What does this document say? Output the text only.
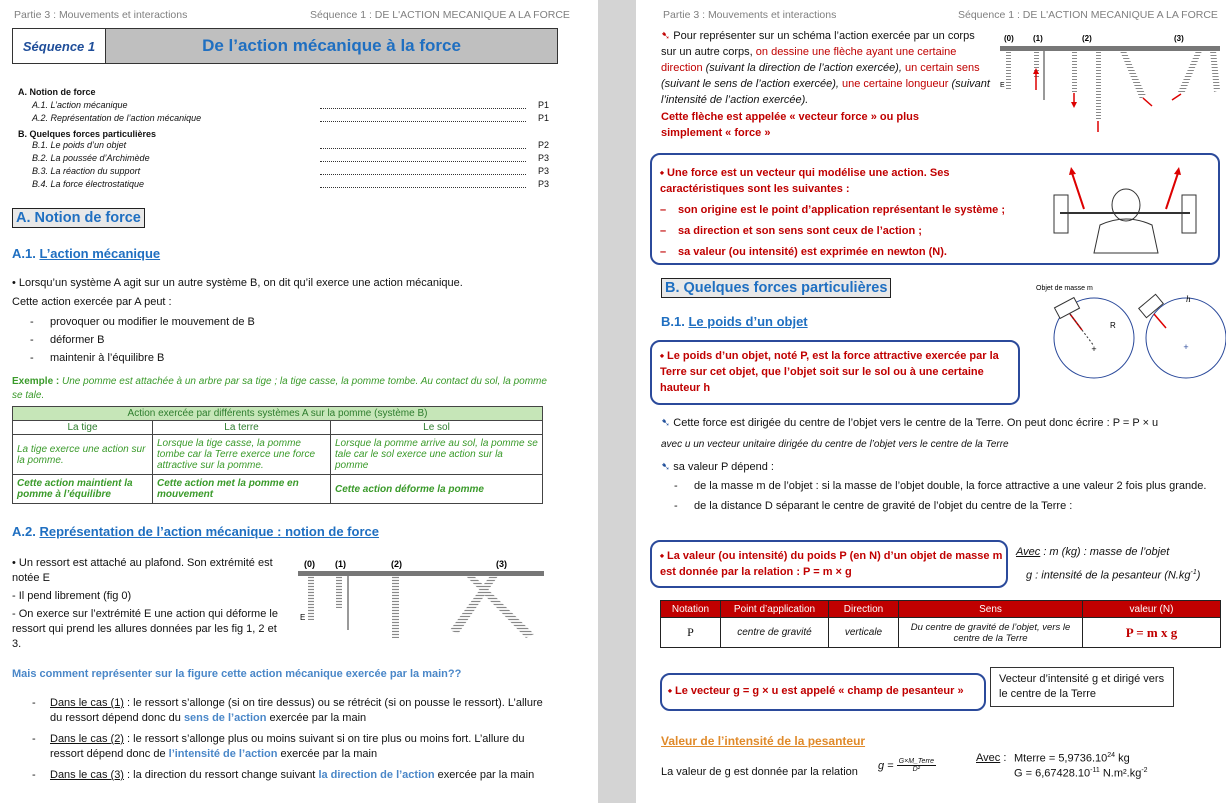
Partie 3 : Mouvements et interactions	Séquence 1 : DE L'ACTION MECANIQUE A LA FORCE
Séquence 1	De l’action mécanique à la force
A. Notion de force
A.1. L’action mécanique	P1
A.2. Représentation de l’action mécanique	P1
B. Quelques forces particulières
B.1. Le poids d’un objet	P2
B.2. La poussée d’Archimède	P3
B.3. La réaction du support	P3
B.4. La force électrostatique	P3
A. Notion de force
A.1. L’action mécanique
• Lorsqu’un système A agit sur un autre système B, on dit qu’il exerce une action mécanique.
Cette action exercée par A peut :
- provoquer ou modifier le mouvement de B
- déformer B
- maintenir à l’équilibre B
Exemple : Une pomme est attachée à un arbre par sa tige ; la tige casse, la pomme tombe. Au contact du sol, la pomme se tale.
Action exercée par différents systèmes A sur la pomme (système B)		
La tige	La terre	Le sol
La tige exerce une action sur la pomme.	Lorsque la tige casse, la pomme tombe car la Terre exerce une force attractive sur la pomme.	Lorsque la pomme arrive au sol, la pomme se tale car le sol exerce une action sur la pomme
Cette action maintient la pomme à l’équilibre	Cette action met la pomme en mouvement	Cette action déforme la pomme
A.2. Représentation de l’action mécanique : notion de force
• Un ressort est attaché au plafond. Son extrémité est notée E
- Il pend librement (fig 0)
- On exerce sur l’extrémité E une action qui déforme le ressort qui prend les allures données par les fig 1, 2 et 3.
(0) (1)	(2)	(3)
E
Mais comment représenter sur la figure cette action mécanique exercée par la main??
- Dans le cas (1) : le ressort s’allonge (si on tire dessus) ou se rétrécit (si on pousse le ressort). L’allure du ressort dépend donc du sens de l’action exercée par la main
- Dans le cas (2) : le ressort s’allonge plus ou moins suivant si on tire plus ou moins fort. L’allure du ressort dépend donc de l’intensité de l’action exercée par la main
- Dans le cas (3) : la direction du ressort change suivant la direction de l’action exercée par la main
Partie 3 : Mouvements et interactions	Séquence 1 : DE L'ACTION MECANIQUE A LA FORCE
➷ Pour représenter sur un schéma l’action exercée par un corps sur un autre corps, on dessine une flèche ayant une certaine direction (suivant la direction de l’action exercée), un certain sens (suivant le sens de l’action exercée), une certaine longueur (suivant l’intensité de l’action exercée).
Cette flèche est appelée « vecteur force » ou plus simplement « force »
(0) (1)	(2)	(3)
E
⬩ Une force est un vecteur qui modélise une action. Ses caractéristiques sont les suivantes :
– son origine est le point d’application représentant le système ;
– sa direction et son sens sont ceux de l’action ;
– sa valeur (ou intensité) est exprimée en newton (N).
B. Quelques forces particulières
B.1. Le poids d’un objet
⬩ Le poids d’un objet, noté P, est la force attractive exercée par la Terre sur cet objet, que l’objet soit sur le sol ou à une certaine hauteur h
Objet de masse m
R
h
+	+
➷ Cette force est dirigée du centre de l’objet vers le centre de la Terre. On peut donc écrire : P = P × u
avec u un vecteur unitaire dirigée du centre de l’objet vers le centre de la Terre
➷ sa valeur P dépend :
- de la masse m de l’objet : si la masse de l’objet double, la force attractive a une valeur 2 fois plus grande.
- de la distance D séparant le centre de gravité de l’objet du centre de la Terre :
⬩ La valeur (ou intensité) du poids P (en N) d’un objet de masse m est donnée par la relation : P = m × g
Avec : m (kg) : masse de l’objet
g : intensité de la pesanteur $(N.kg^{-1})$
Notation	Point d’application	Direction	Sens	valeur (N)
P	centre de gravité	verticale	Du centre de gravité de l’objet, vers le centre de la Terre	P = m x g
⬩ Le vecteur g = g × u est appelé « champ de pesanteur »
Vecteur d’intensité g et dirigé vers le centre de la Terre
Valeur de l’intensité de la pesanteur
La valeur de g est donnée par la relation
g = G×M_Terre
D²
Avec : Mterre = $5,9736.10^{24}$ kg
$G = 6,67428.10^{-11}$ $N.m^2.kg^{-2}$
